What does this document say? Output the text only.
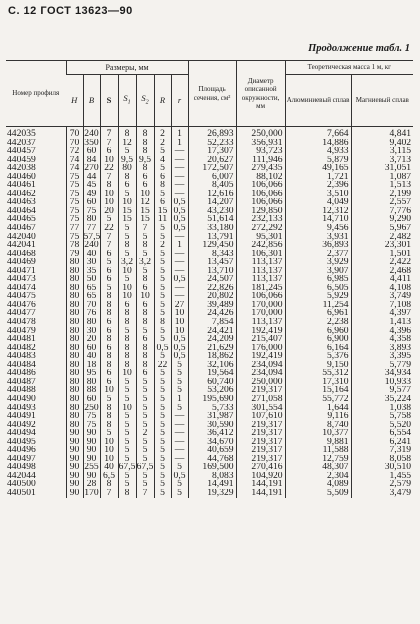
С. 12 ГОСТ 13623—90
Продолжение табл. 1
Номер профиля	Размеры, мм							Площадь сечения, см²	Диаметр описанной окружности, мм	Теоретическая масса 1 м, кг	
	H	B	S	$S_1$	$S_2$	R	r			Алюминиевый сплав	Магниевый сплав
442035	70	240	7	8	8	2	1	26,893	250,000	7,664	4,841
442037	70	350	7	12	8	2	1	52,233	356,931	14,886	9,402
440457	72	60	6	5	8	5	—	17,307	93,723	4,933	3,115
440459	74	84	10	9,5	9,5	4	—	20,627	111,946	5,879	3,713
442038	74	270	22	80	8	5	—	172,507	279,435	49,165	31,051
440460	75	44	7	8	6	6	—	6,007	88,102	1,721	1,087
440461	75	45	8	6	6	8	—	8,405	106,066	2,396	1,513
440462	75	49	10	5	10	5	—	12,616	106,066	3,510	2,199
440463	75	60	10	10	12	6	0,5	14,207	106,066	4,049	2,557
440464	75	75	20	15	15	15	0,5	43,230	129,850	12,312	7,776
440465	75	80	5	15	15	11	0,5	51,614	232,133	14,710	9,290
440467	77	77	22	5	7	5	0,5	33,180	272,292	9,456	5,967
442040	75	57,5	7	5	5	5	—	13,791	95,301	3,931	2,482
442041	78	240	7	8	8	2	1	129,450	242,856	36,893	23,301
440468	79	40	6	5	5	5	—	8,343	106,301	2,377	1,501
440469	80	30	5	3,2	3,2	5	—	13,457	113,137	3,929	2,422
440471	80	35	6	10	5	5	—	13,710	113,137	3,907	2,468
440473	80	50	6	5	8	5	0,5	24,507	113,137	6,985	4,411
440474	80	65	5	10	6	5	—	22,826	181,245	6,505	4,108
440475	80	65	8	10	10	5	—	20,802	106,066	5,929	3,749
440476	80	70	8	6	6	5	27	39,489	170,000	11,254	7,108
440477	80	76	8	8	8	5	10	24,426	170,000	6,961	4,397
440478	80	80	6	8	8	8	10	7,854	113,137	2,238	1,413
440479	80	30	6	5	5	5	10	24,421	192,419	6,960	4,396
440481	80	20	8	8	6	5	0,5	24,209	215,407	6,900	4,358
440482	80	60	6	8	8	0,5	0,5	21,629	176,000	6,164	3,893
440483	80	40	8	8	8	5	0,5	18,862	192,419	5,376	3,395
440484	80	18	8	8	8	22	5	32,106	234,094	9,150	5,779
440486	80	95	6	10	6	5	5	19,564	234,094	55,312	34,934
440487	80	80	6	5	5	5	5	60,740	250,000	17,310	10,933
440488	80	88	10	5	5	5	5	53,206	219,317	15,164	9,577
440490	80	60	5	5	5	5	1	195,690	271,058	55,772	35,224
440493	80	250	8	10	5	5	5	5,733	301,554	1,644	1,038
440491	80	75	8	5	5	5	—	31,987	107,610	9,116	5,758
440492	80	75	8	5	5	5	—	30,590	219,317	8,740	5,520
440494	90	90	5	5	2	5	—	36,412	219,317	10,377	6,554
440495	90	90	10	5	5	5	—	34,670	219,317	9,881	6,241
440496	90	90	10	5	5	5	—	40,659	219,317	11,588	7,319
440497	90	90	10	5	5	5	—	44,768	219,317	12,759	8,058
440498	90	255	40	67,5	67,5	5	5	169,500	270,416	48,307	30,510
442044	90	90	6,5	5	5	5	0,5	8,083	104,920	2,304	1,455
440500	90	28	8	5	5	5	5	14,491	144,191	4,089	2,579
440501	90	170	7	8	7	5	5	19,329	144,191	5,509	3,479
